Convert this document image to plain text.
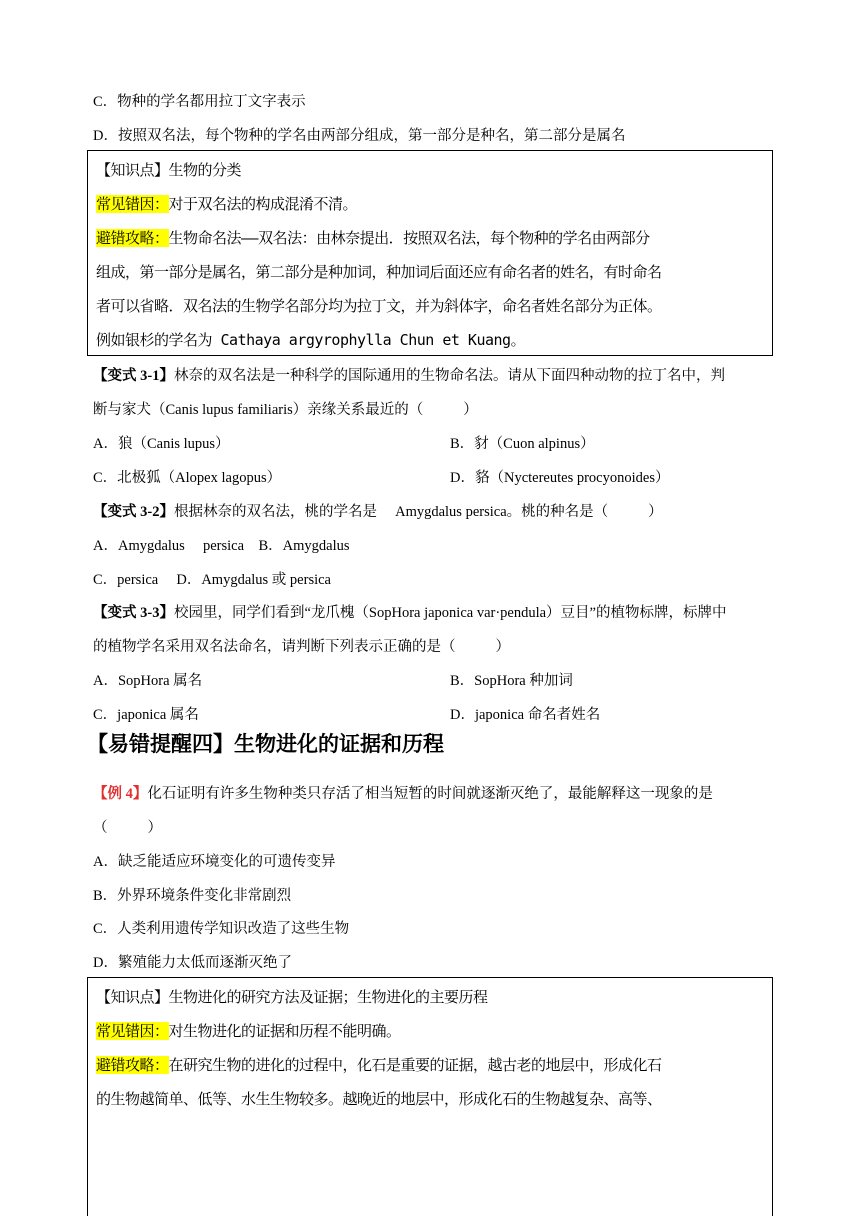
C．物种的学名都用拉丁文字表示
D．按照双名法，每个物种的学名由两部分组成，第一部分是种名，第二部分是属名
【知识点】生物的分类
常见错因：对于双名法的构成混淆不清。
避错攻略：生物命名法——双名法：由林奈提出．按照双名法，每个物种的学名由两部分
组成，第一部分是属名，第二部分是种加词，种加词后面还应有命名者的姓名，有时命名
者可以省略．双名法的生物学名部分均为拉丁文，并为斜体字，命名者姓名部分为正体。
例如银杉的学名为 Cathaya argyrophylla Chun et Kuang。
【变式 3-1】林奈的双名法是一种科学的国际通用的生物命名法。请从下面四种动物的拉丁名中，判
断与家犬（Canis lupus familiaris）亲缘关系最近的（	）
A．狼（Canis lupus）	B．豺（Cuon alpinus）
C．北极狐（Alopex lagopus）	D．貉（Nyctereutes procyonoides）
【变式 3-2】根据林奈的双名法，桃的学名是　 Amygdalus persica。桃的种名是（	）
A．Amygdalus　 persica　B．Amygdalus
C．persica　 D．Amygdalus 或 persica
【变式 3-3】校园里，同学们看到“龙爪槐（SopHora japonica var·pendula）豆目”的植物标牌，标牌中
的植物学名采用双名法命名，请判断下列表示正确的是（	）
A．SopHora 属名	B．SopHora 种加词
C．japonica 属名	D．japonica 命名者姓名
【易错提醒四】生物进化的证据和历程
【例 4】化石证明有许多生物种类只存活了相当短暂的时间就逐渐灭绝了，最能解释这一现象的是
（	）
A．缺乏能适应环境变化的可遗传变异
B．外界环境条件变化非常剧烈
C．人类利用遗传学知识改造了这些生物
D．繁殖能力太低而逐渐灭绝了
【知识点】生物进化的研究方法及证据；生物进化的主要历程
常见错因：对生物进化的证据和历程不能明确。
避错攻略：在研究生物的进化的过程中，化石是重要的证据，越古老的地层中，形成化石
的生物越简单、低等、水生生物较多。越晚近的地层中，形成化石的生物越复杂、高等、
